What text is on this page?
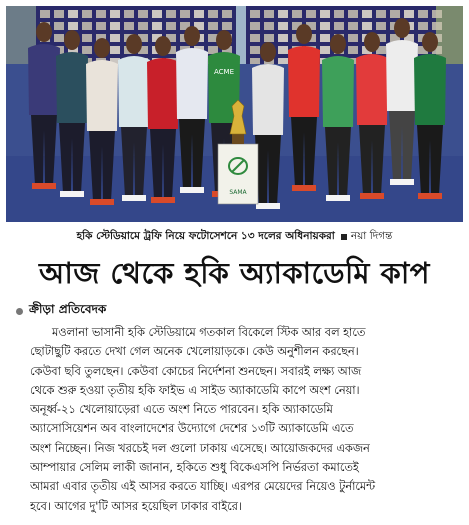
ACME
SAMA
হকি স্টেডিয়ামে ট্রফি নিয়ে ফটোসেশনে ১৩ দলের অধিনায়করা নয়া দিগন্ত
আজ থেকে হকি অ্যাকাডেমি কাপ
ক্রীড়া প্রতিবেদক
মওলানা ভাসানী হকি স্টেডিয়ামে গতকাল বিকেলে স্টিক আর বল হাতে
ছোটাছুটি করতে দেখা গেল অনেক খেলোয়াড়কে। কেউ অনুশীলন করছেন।
কেউবা ছবি তুলছেন। কেউবা কোচের নির্দেশনা শুনছেন। সবারই লক্ষ্য আজ
থেকে শুরু হওয়া তৃতীয় হকি ফাইভ এ সাইড অ্যাকাডেমি কাপে অংশ নেয়া।
অনূর্ধ্ব-২১ খেলোয়াড়েরা এতে অংশ নিতে পারবেন। হকি অ্যাকাডেমি
অ্যাসোসিয়েশন অব বাংলাদেশের উদ্যোগে দেশের ১৩টি অ্যাকাডেমি এতে
অংশ নিচ্ছেন। নিজ খরচেই দল গুলো ঢাকায় এসেছে। আয়োজকদের একজন
আম্পায়ার সেলিম লাকী জানান, হকিতে শুধু বিকেএসপি নির্ভরতা কমাতেই
আমরা এবার তৃতীয় এই আসর করতে যাচ্ছি। এরপর মেয়েদের নিয়েও টুর্নামেন্ট
হবে। আগের দু'টি আসর হয়েছিল ঢাকার বাইরে।
